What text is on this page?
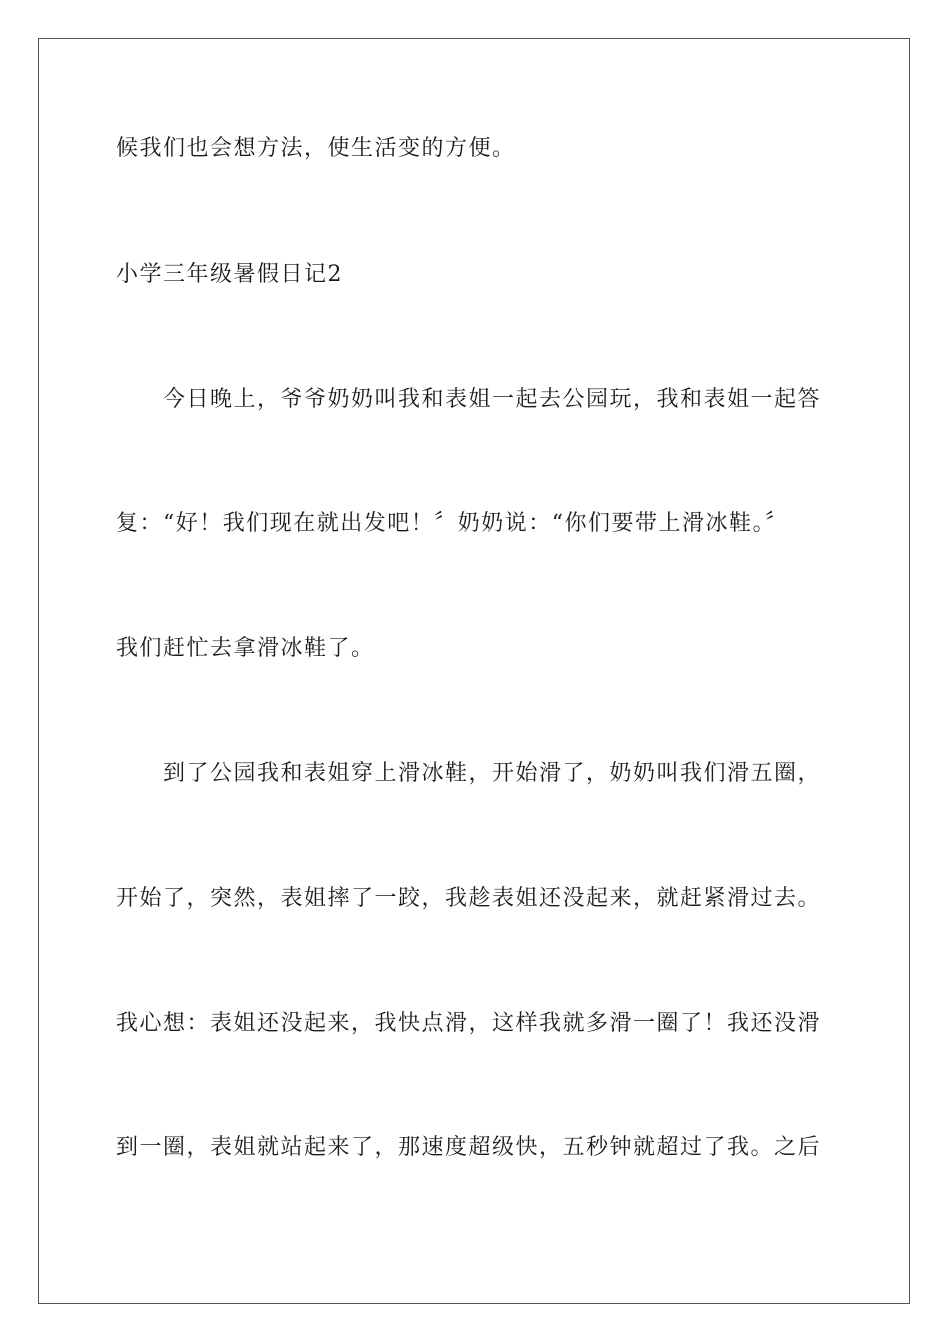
候我们也会想方法，使生活变的方便。
小学三年级暑假日记2
今日晚上，爷爷奶奶叫我和表姐一起去公园玩，我和表姐一起答
复：“好！我们现在就出发吧！〞奶奶说：“你们要带上滑冰鞋。〞
我们赶忙去拿滑冰鞋了。
到了公园我和表姐穿上滑冰鞋，开始滑了，奶奶叫我们滑五圈，
开始了，突然，表姐摔了一跤，我趁表姐还没起来，就赶紧滑过去。
我心想：表姐还没起来，我快点滑，这样我就多滑一圈了！我还没滑
到一圈，表姐就站起来了，那速度超级快，五秒钟就超过了我。之后
